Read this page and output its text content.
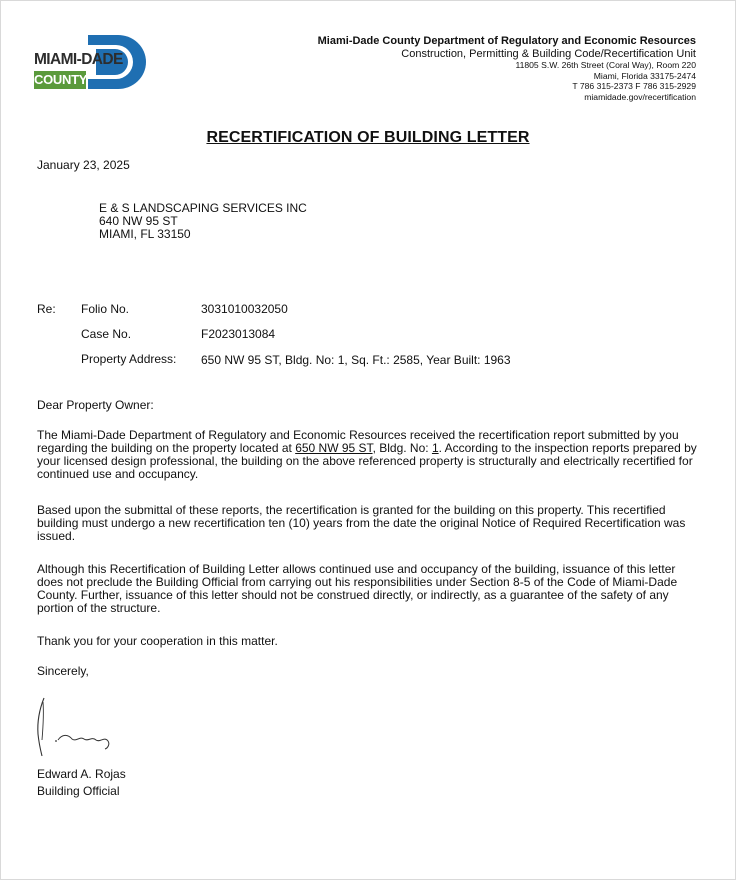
MIAMI-DADE
COUNTY
Miami-Dade County Department of Regulatory and Economic Resources
Construction, Permitting & Building Code/Recertification Unit
11805 S.W. 26th Street (Coral Way), Room 220
Miami, Florida 33175-2474
T 786 315-2373 F 786 315-2929
miamidade.gov/recertification
RECERTIFICATION OF BUILDING LETTER
January 23, 2025
E & S LANDSCAPING SERVICES INC
640 NW 95 ST
MIAMI, FL 33150
Re: Folio No.	3031010032050
Case No.	F2023013084
Property Address: 650 NW 95 ST, Bldg. No: 1, Sq. Ft.: 2585, Year Built: 1963
Dear Property Owner:
The Miami-Dade Department of Regulatory and Economic Resources received the recertification report submitted by you regarding the building on the property located at 650 NW 95 ST, Bldg. No: 1. According to the inspection reports prepared by your licensed design professional, the building on the above referenced property is structurally and electrically recertified for continued use and occupancy.
Based upon the submittal of these reports, the recertification is granted for the building on this property. This recertified building must undergo a new recertification ten (10) years from the date the original Notice of Required Recertification was issued.
Although this Recertification of Building Letter allows continued use and occupancy of the building, issuance of this letter does not preclude the Building Official from carrying out his responsibilities under Section 8-5 of the Code of Miami-Dade County. Further, issuance of this letter should not be construed directly, or indirectly, as a guarantee of the safety of any portion of the structure.
Thank you for your cooperation in this matter.
Sincerely,
Edward A. Rojas
Building Official
